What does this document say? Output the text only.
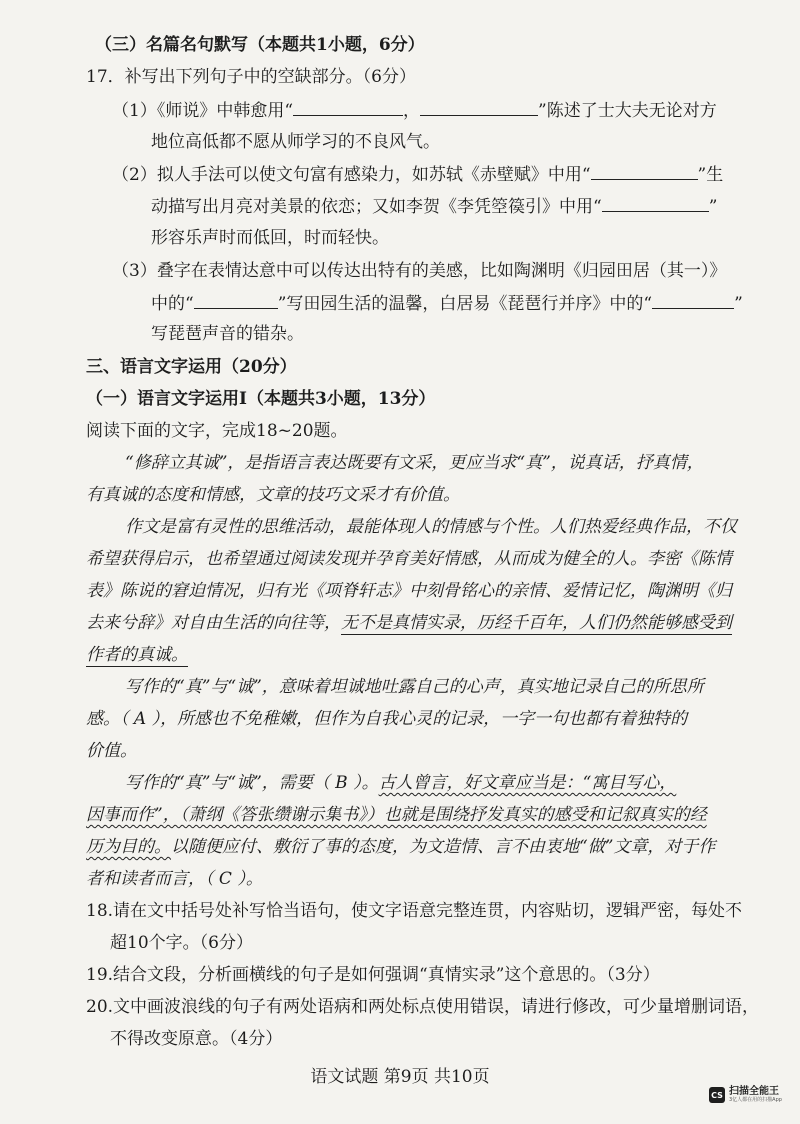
（三）名篇名句默写（本题共1小题，6分）
17．补写出下列句子中的空缺部分。（6分）
（1）《师说》中韩愈用“	，	”陈述了士大夫无论对方
地位高低都不愿从师学习的不良风气。
（2）拟人手法可以使文句富有感染力，如苏轼《赤壁赋》中用“	”生
动描写出月亮对美景的依恋；又如李贺《李凭箜篌引》中用“	”
形容乐声时而低回，时而轻快。
（3）叠字在表情达意中可以传达出特有的美感，比如陶渊明《归园田居（其一）》
中的“	”写田园生活的温馨，白居易《琵琶行并序》中的“	”
写琵琶声音的错杂。
三、语言文字运用（20分）
（一）语言文字运用Ⅰ（本题共3小题，13分）
阅读下面的文字，完成18~20题。
“修辞立其诚”，是指语言表达既要有文采，更应当求“真”，说真话，抒真情，
有真诚的态度和情感，文章的技巧文采才有价值。
作文是富有灵性的思维活动，最能体现人的情感与个性。人们热爱经典作品，不仅
希望获得启示，也希望通过阅读发现并孕育美好情感，从而成为健全的人。李密《陈情
表》陈说的窘迫情况，归有光《项脊轩志》中刻骨铭心的亲情、爱情记忆，陶渊明《归
去来兮辞》对自由生活的向往等，无不是真情实录，历经千百年，人们仍然能够感受到
作者的真诚。
写作的“真”与“诚”，意味着坦诚地吐露自己的心声，真实地记录自己的所思所
感。（ A ），所感也不免稚嫩，但作为自我心灵的记录，一字一句也都有着独特的
价值。
写作的“真”与“诚”，需要（ B ）。古人曾言，好文章应当是：“寓目写心，
因事而作”，（萧纲《答张缵谢示集书》）也就是围绕抒发真实的感受和记叙真实的经
历为目的。以随便应付、敷衍了事的态度，为文造情、言不由衷地“做”文章，对于作
者和读者而言，（ C ）。
18.请在文中括号处补写恰当语句，使文字语意完整连贯，内容贴切，逻辑严密，每处不
超10个字。（6分）
19.结合文段，分析画横线的句子是如何强调“真情实录”这个意思的。（3分）
20.文中画波浪线的句子有两处语病和两处标点使用错误，请进行修改，可少量增删词语，
不得改变原意。（4分）
语文试题 第9页 共10页
CS 扫描全能王
3亿人都在用的扫描App
